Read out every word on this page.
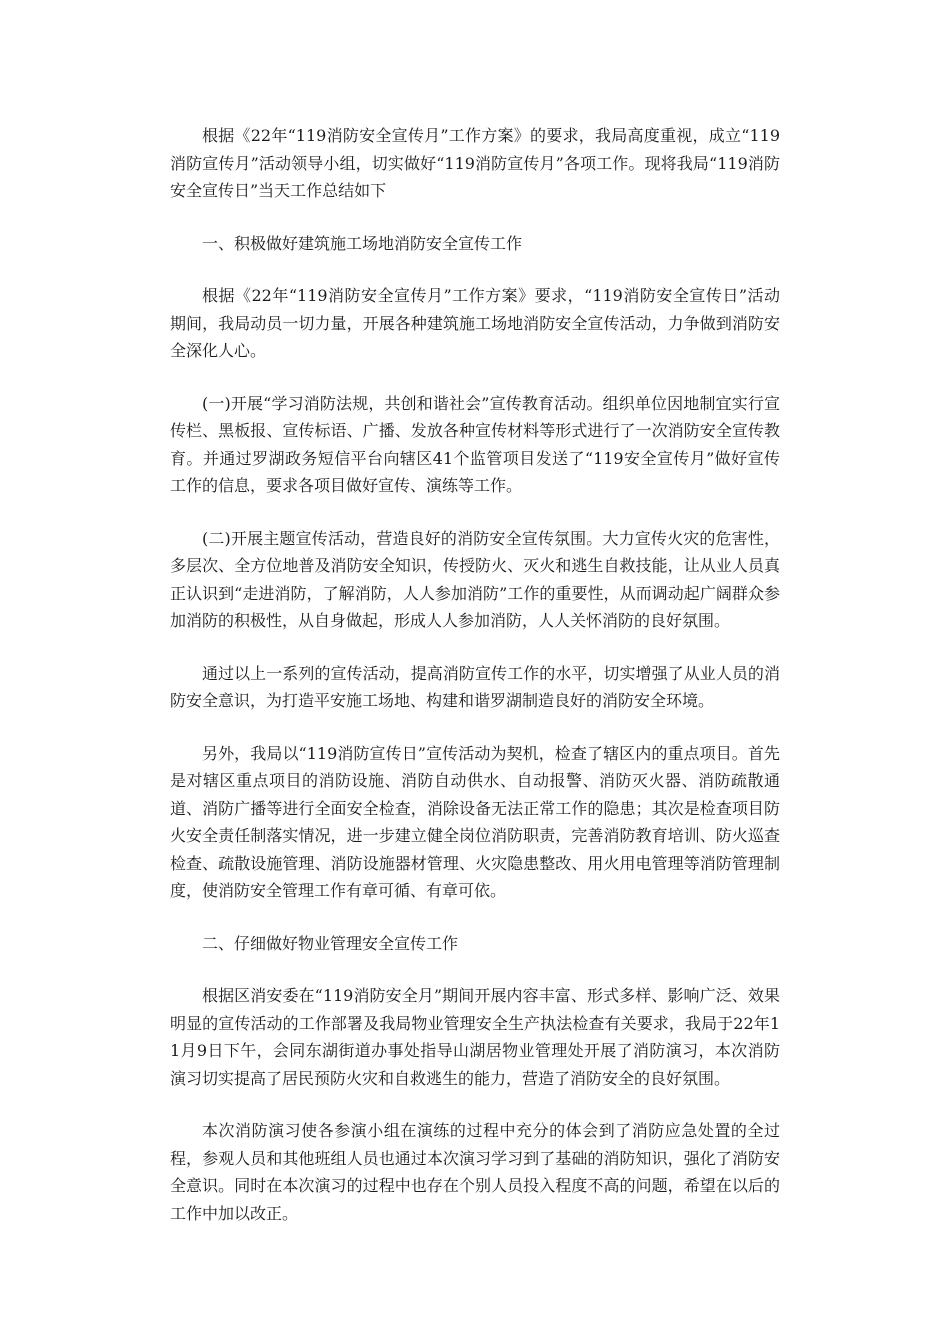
根据《22年“119消防安全宣传月”工作方案》的要求，我局高度重视，成立“119消防宣传月”活动领导小组，切实做好“119消防宣传月”各项工作。现将我局“119消防安全宣传日”当天工作总结如下

一、积极做好建筑施工场地消防安全宣传工作

根据《22年“119消防安全宣传月”工作方案》要求，“119消防安全宣传日”活动期间，我局动员一切力量，开展各种建筑施工场地消防安全宣传活动，力争做到消防安全深化人心。

(一)开展“学习消防法规，共创和谐社会”宣传教育活动。组织单位因地制宜实行宣传栏、黑板报、宣传标语、广播、发放各种宣传材料等形式进行了一次消防安全宣传教育。并通过罗湖政务短信平台向辖区41个监管项目发送了“119安全宣传月”做好宣传工作的信息，要求各项目做好宣传、演练等工作。

(二)开展主题宣传活动，营造良好的消防安全宣传氛围。大力宣传火灾的危害性，多层次、全方位地普及消防安全知识，传授防火、灭火和逃生自救技能，让从业人员真正认识到“走进消防，了解消防，人人参加消防”工作的重要性，从而调动起广阔群众参加消防的积极性，从自身做起，形成人人参加消防，人人关怀消防的良好氛围。

通过以上一系列的宣传活动，提高消防宣传工作的水平，切实增强了从业人员的消防安全意识，为打造平安施工场地、构建和谐罗湖制造良好的消防安全环境。

另外，我局以“119消防宣传日”宣传活动为契机，检查了辖区内的重点项目。首先是对辖区重点项目的消防设施、消防自动供水、自动报警、消防灭火器、消防疏散通道、消防广播等进行全面安全检查，消除设备无法正常工作的隐患；其次是检查项目防火安全责任制落实情况，进一步建立健全岗位消防职责，完善消防教育培训、防火巡查检查、疏散设施管理、消防设施器材管理、火灾隐患整改、用火用电管理等消防管理制度，使消防安全管理工作有章可循、有章可依。

二、仔细做好物业管理安全宣传工作

根据区消安委在“119消防安全月”期间开展内容丰富、形式多样、影响广泛、效果明显的宣传活动的工作部署及我局物业管理安全生产执法检查有关要求，我局于22年11月9日下午，会同东湖街道办事处指导山湖居物业管理处开展了消防演习，本次消防演习切实提高了居民预防火灾和自救逃生的能力，营造了消防安全的良好氛围。

本次消防演习使各参演小组在演练的过程中充分的体会到了消防应急处置的全过程，参观人员和其他班组人员也通过本次演习学习到了基础的消防知识，强化了消防安全意识。同时在本次演习的过程中也存在个别人员投入程度不高的问题，希望在以后的工作中加以改正。
